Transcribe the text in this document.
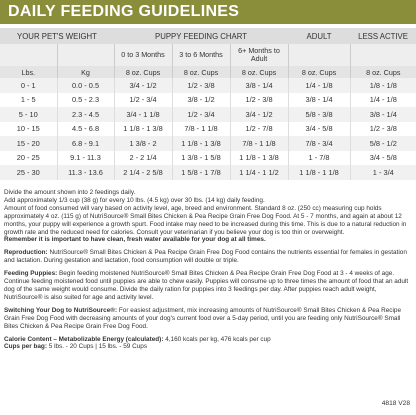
DAILY FEEDING GUIDELINES
YOUR PET'S WEIGHT		PUPPY FEEDING CHART			ADULT	LESS ACTIVE
		0 to 3 Months	3 to 6 Months	6+ Months to Adult		
Lbs.	Kg	8 oz. Cups	8 oz. Cups	8 oz. Cups	8 oz. Cups	8 oz. Cups
0 - 1	0.0 - 0.5	3/4 - 1/2	1/2 - 3/8	3/8 - 1/4	1/4 - 1/8	1/8 - 1/8
1 - 5	0.5 - 2.3	1/2 - 3/4	3/8 - 1/2	1/2 - 3/8	3/8 - 1/4	1/4 - 1/8
5 - 10	2.3 - 4.5	3/4 - 1 1/8	1/2 - 3/4	3/4 - 1/2	5/8 - 3/8	3/8 - 1/4
10 - 15	4.5 - 6.8	1 1/8 - 1 3/8	7/8 - 1 1/8	1/2 - 7/8	3/4 - 5/8	1/2 - 3/8
15 - 20	6.8 - 9.1	1 3/8 - 2	1 1/8 - 1 3/8	7/8 - 1 1/8	7/8 - 3/4	5/8 - 1/2
20 - 25	9.1 - 11.3	2 - 2 1/4	1 3/8 - 1 5/8	1 1/8 - 1 3/8	1 - 7/8	3/4 - 5/8
25 - 30	11.3 - 13.6	2 1/4 - 2 5/8	1 5/8 - 1 7/8	1 1/4 - 1 1/2	1 1/8 - 1 1/8	1 - 3/4

Divide the amount shown into 2 feedings daily.

Add approximately 1/3 cup (38 g) for every 10 lbs. (4.5 kg) over 30 lbs. (14 kg) daily feeding.

Amount of food consumed will vary based on activity level, age, breed and environment. Standard 8 oz. (250 cc) measuring cup holds approximately 4 oz. (115 g) of NutriSource® Small Bites Chicken & Pea Recipe Grain Free Dog Food. At 5 - 7 months, and again at about 12 months, your puppy will experience a growth spurt. Food intake may need to be increased during this time. This is due to a natural reduction in growth rate and the reduced need for calories. Consult your veterinarian if you believe your dog is too thin or overweight.

Remember it is important to have clean, fresh water available for your dog at all times.

Reproduction: NutriSource® Small Bites Chicken & Pea Recipe Grain Free Dog Food contains the nutrients essential for females in gestation and lactation. During gestation and lactation, food consumption will double or triple.

Feeding Puppies: Begin feeding moistened NutriSource® Small Bites Chicken & Pea Recipe Grain Free Dog Food at 3 - 4 weeks of age. Continue feeding moistened food until puppies are able to chew easily. Puppies will consume up to three times the amount of food that an adult dog of the same weight would consume. Divide the daily ration for puppies into 3 feedings per day. After puppies reach adult weight, NutriSource® is also suited for age and activity level.

Switching Your Dog to NutriSource®: For easiest adjustment, mix increasing amounts of NutriSource® Small Bites Chicken & Pea Recipe Grain Free Dog Food with decreasing amounts of your dog's current food over a 5-day period, until you are feeding only NutriSource® Small Bites Chicken & Pea Recipe Grain Free Dog Food.

Calorie Content – Metabolizable Energy (calculated): 4,160 kcals per kg, 476 kcals per cup

Cups per bag: 5 lbs. - 20 Cups | 15 lbs. - 59 Cups

4818 V28
